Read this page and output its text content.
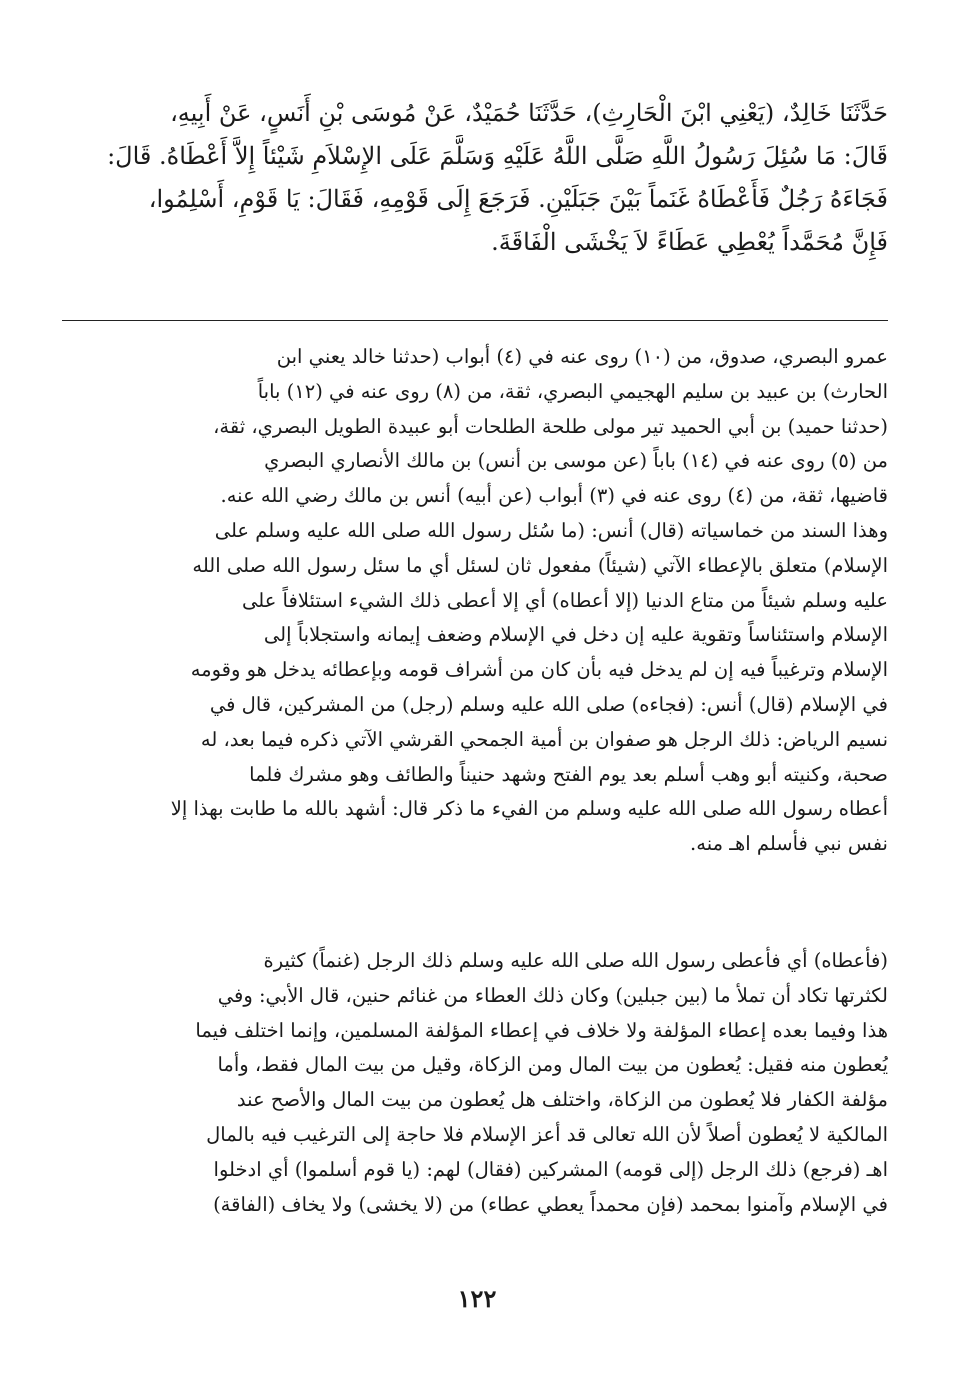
حَدَّثَنَا خَالِدٌ، (يَعْنِي ابْنَ الْحَارِثِ)، حَدَّثَنَا حُمَيْدٌ، عَنْ مُوسَى بْنِ أَنَسٍ، عَنْ أَبِيهِ،
قَالَ: مَا سُئِلَ رَسُولُ اللَّهِ صَلَّى اللَّهُ عَلَيْهِ وَسَلَّمَ عَلَى الإِسْلاَمِ شَيْئاً إِلاَّ أَعْطَاهُ. قَالَ:
فَجَاءَهُ رَجُلٌ فَأَعْطَاهُ غَنَماً بَيْنَ جَبَلَيْنِ. فَرَجَعَ إِلَى قَوْمِهِ، فَقَالَ: يَا قَوْمِ، أَسْلِمُوا،
فَإِنَّ مُحَمَّداً يُعْطِي عَطَاءً لاَ يَخْشَى الْفَاقَةَ.
عمرو البصري، صدوق، من (١٠) روى عنه في (٤) أبواب (حدثنا خالد يعني ابن
الحارث) بن عبيد بن سليم الهجيمي البصري، ثقة، من (٨) روى عنه في (١٢) باباً
(حدثنا حميد) بن أبي الحميد تير مولى طلحة الطلحات أبو عبيدة الطويل البصري، ثقة،
من (٥) روى عنه في (١٤) باباً (عن موسى بن أنس) بن مالك الأنصاري البصري
قاضيها، ثقة، من (٤) روى عنه في (٣) أبواب (عن أبيه) أنس بن مالك رضي الله عنه.
وهذا السند من خماسياته (قال) أنس: (ما سُئل رسول الله صلى الله عليه وسلم على
الإسلام) متعلق بالإعطاء الآتي (شيئاً) مفعول ثان لسئل أي ما سئل رسول الله صلى الله
عليه وسلم شيئاً من متاع الدنيا (إلا أعطاه) أي إلا أعطى ذلك الشيء استئلافاً على
الإسلام واستئناساً وتقوية عليه إن دخل في الإسلام وضعف إيمانه واستجلاباً إلى
الإسلام وترغيباً فيه إن لم يدخل فيه بأن كان من أشراف قومه وبإعطائه يدخل هو وقومه
في الإسلام (قال) أنس: (فجاءه) صلى الله عليه وسلم (رجل) من المشركين، قال في
نسيم الرياض: ذلك الرجل هو صفوان بن أمية الجمحي القرشي الآتي ذكره فيما بعد، له
صحبة، وكنيته أبو وهب أسلم بعد يوم الفتح وشهد حنيناً والطائف وهو مشرك فلما
أعطاه رسول الله صلى الله عليه وسلم من الفيء ما ذكر قال: أشهد بالله ما طابت بهذا إلا
نفس نبي فأسلم اهـ منه.
(فأعطاه) أي فأعطى رسول الله صلى الله عليه وسلم ذلك الرجل (غنماً) كثيرة
لكثرتها تكاد أن تملأ ما (بين جبلين) وكان ذلك العطاء من غنائم حنين، قال الأبي: وفي
هذا وفيما بعده إعطاء المؤلفة ولا خلاف في إعطاء المؤلفة المسلمين، وإنما اختلف فيما
يُعطون منه فقيل: يُعطون من بيت المال ومن الزكاة، وقيل من بيت المال فقط، وأما
مؤلفة الكفار فلا يُعطون من الزكاة، واختلف هل يُعطون من بيت المال والأصح عند
المالكية لا يُعطون أصلاً لأن الله تعالى قد أعز الإسلام فلا حاجة إلى الترغيب فيه بالمال
اهـ (فرجع) ذلك الرجل (إلى قومه) المشركين (فقال) لهم: (يا قوم أسلموا) أي ادخلوا
في الإسلام وآمنوا بمحمد (فإن محمداً يعطي عطاء) من (لا يخشى) ولا يخاف (الفاقة)
١٢٢
